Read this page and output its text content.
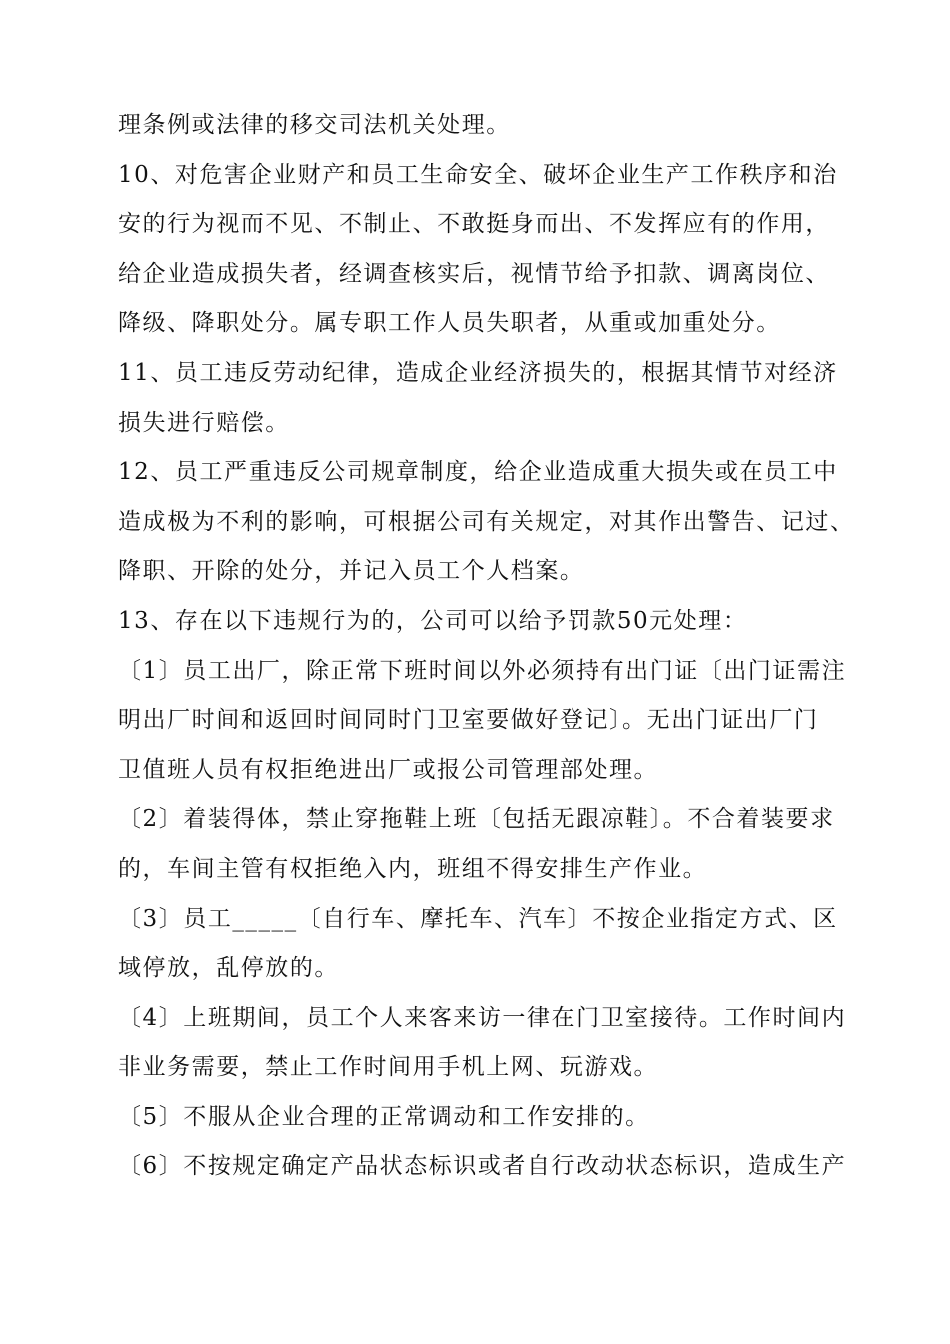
理条例或法律的移交司法机关处理。
10、对危害企业财产和员工生命安全、破坏企业生产工作秩序和治
安的行为视而不见、不制止、不敢挺身而出、不发挥应有的作用，
给企业造成损失者，经调查核实后，视情节给予扣款、调离岗位、
降级、降职处分。属专职工作人员失职者，从重或加重处分。
11、员工违反劳动纪律，造成企业经济损失的，根据其情节对经济
损失进行赔偿。
12、员工严重违反公司规章制度，给企业造成重大损失或在员工中
造成极为不利的影响，可根据公司有关规定，对其作出警告、记过、
降职、开除的处分，并记入员工个人档案。
13、存在以下违规行为的，公司可以给予罚款50元处理：
〔1〕员工出厂，除正常下班时间以外必须持有出门证〔出门证需注
明出厂时间和返回时间同时门卫室要做好登记〕。无出门证出厂门
卫值班人员有权拒绝进出厂或报公司管理部处理。
〔2〕着装得体，禁止穿拖鞋上班〔包括无跟凉鞋〕。不合着装要求
的，车间主管有权拒绝入内，班组不得安排生产作业。
〔3〕员工_____〔自行车、摩托车、汽车〕不按企业指定方式、区
域停放，乱停放的。
〔4〕上班期间，员工个人来客来访一律在门卫室接待。工作时间内
非业务需要，禁止工作时间用手机上网、玩游戏。
〔5〕不服从企业合理的正常调动和工作安排的。
〔6〕不按规定确定产品状态标识或者自行改动状态标识，造成生产
